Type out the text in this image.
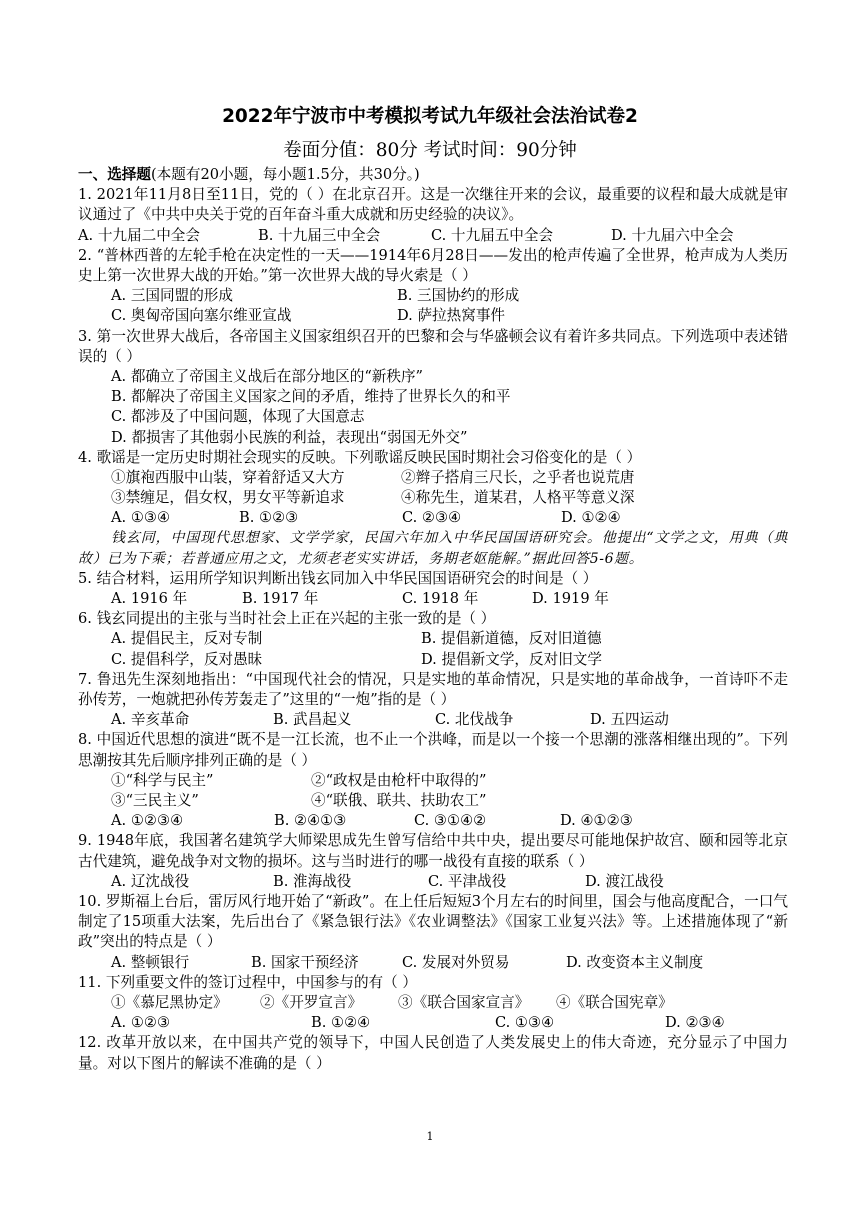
2022年宁波市中考模拟考试九年级社会法治试卷2
卷面分值：80分 考试时间：90分钟
一、选择题(本题有20小题，每小题1.5分，共30分。)
1. 2021年11月8日至11日，党的（ ）在北京召开。这是一次继往开来的会议，最重要的议程和最大成就是审议通过了《中共中央关于党的百年奋斗重大成就和历史经验的决议》。
A. 十九届二中全会	B. 十九届三中全会	C. 十九届五中全会	D. 十九届六中全会
2. “普林西普的左轮手枪在决定性的一天——1914年6月28日——发出的枪声传遍了全世界，枪声成为人类历史上第一次世界大战的开始。”第一次世界大战的导火索是（ ）
A. 三国同盟的形成	B. 三国协约的形成
C. 奥匈帝国向塞尔维亚宣战	D. 萨拉热窝事件
3. 第一次世界大战后，各帝国主义国家组织召开的巴黎和会与华盛顿会议有着许多共同点。下列选项中表述错误的（ ）
A. 都确立了帝国主义战后在部分地区的“新秩序”
B. 都解决了帝国主义国家之间的矛盾，维持了世界长久的和平
C. 都涉及了中国问题，体现了大国意志
D. 都损害了其他弱小民族的利益，表现出“弱国无外交”
4. 歌谣是一定历史时期社会现实的反映。下列歌谣反映民国时期社会习俗变化的是（ ）
①旗袍西服中山装，穿着舒适又大方	②辫子搭肩三尺长，之乎者也说荒唐
③禁缠足，倡女权，男女平等新追求	④称先生，道某君，人格平等意义深
A. ①③④	B. ①②③	C. ②③④	D. ①②④
钱玄同，中国现代思想家、文学学家，民国六年加入中华民国国语研究会。他提出“文学之文，用典（典故）已为下乘；若普通应用之文，尤须老老实实讲话，务期老妪能解。”据此回答5-6题。
5. 结合材料，运用所学知识判断出钱玄同加入中华民国国语研究会的时间是（ ）
A. 1916 年	B. 1917 年	C. 1918 年	D. 1919 年
6. 钱玄同提出的主张与当时社会上正在兴起的主张一致的是（ ）
A. 提倡民主，反对专制	B. 提倡新道德，反对旧道德
C. 提倡科学，反对愚昧	D. 提倡新文学，反对旧文学
7. 鲁迅先生深刻地指出：“中国现代社会的情况，只是实地的革命情况，只是实地的革命战争，一首诗吓不走孙传芳，一炮就把孙传芳轰走了”这里的“一炮”指的是（ ）
A. 辛亥革命	B. 武昌起义	C. 北伐战争	D. 五四运动
8. 中国近代思想的演进“既不是一江长流，也不止一个洪峰，而是以一个接一个思潮的涨落相继出现的”。下列思潮按其先后顺序排列正确的是（ ）
①“科学与民主”	②“政权是由枪杆中取得的”
③“三民主义”	④“联俄、联共、扶助农工”
A. ①②③④	B. ②④①③	C. ③①④②	D. ④①②③
9. 1948年底，我国著名建筑学大师梁思成先生曾写信给中共中央，提出要尽可能地保护故宫、颐和园等北京古代建筑，避免战争对文物的损坏。这与当时进行的哪一战役有直接的联系（ ）
A. 辽沈战役	B. 淮海战役	C. 平津战役	D. 渡江战役
10. 罗斯福上台后，雷厉风行地开始了“新政”。在上任后短短3个月左右的时间里，国会与他高度配合，一口气制定了15项重大法案，先后出台了《紧急银行法》《农业调整法》《国家工业复兴法》等。上述措施体现了“新政”突出的特点是（ ）
A. 整顿银行	B. 国家干预经济	C. 发展对外贸易	D. 改变资本主义制度
11. 下列重要文件的签订过程中，中国参与的有（ ）
①《慕尼黑协定》	②《开罗宣言》	③《联合国家宣言》	④《联合国宪章》
A. ①②③	B. ①②④	C. ①③④	D. ②③④
12. 改革开放以来，在中国共产党的领导下，中国人民创造了人类发展史上的伟大奇迹，充分显示了中国力量。对以下图片的解读不准确的是（ ）
1
